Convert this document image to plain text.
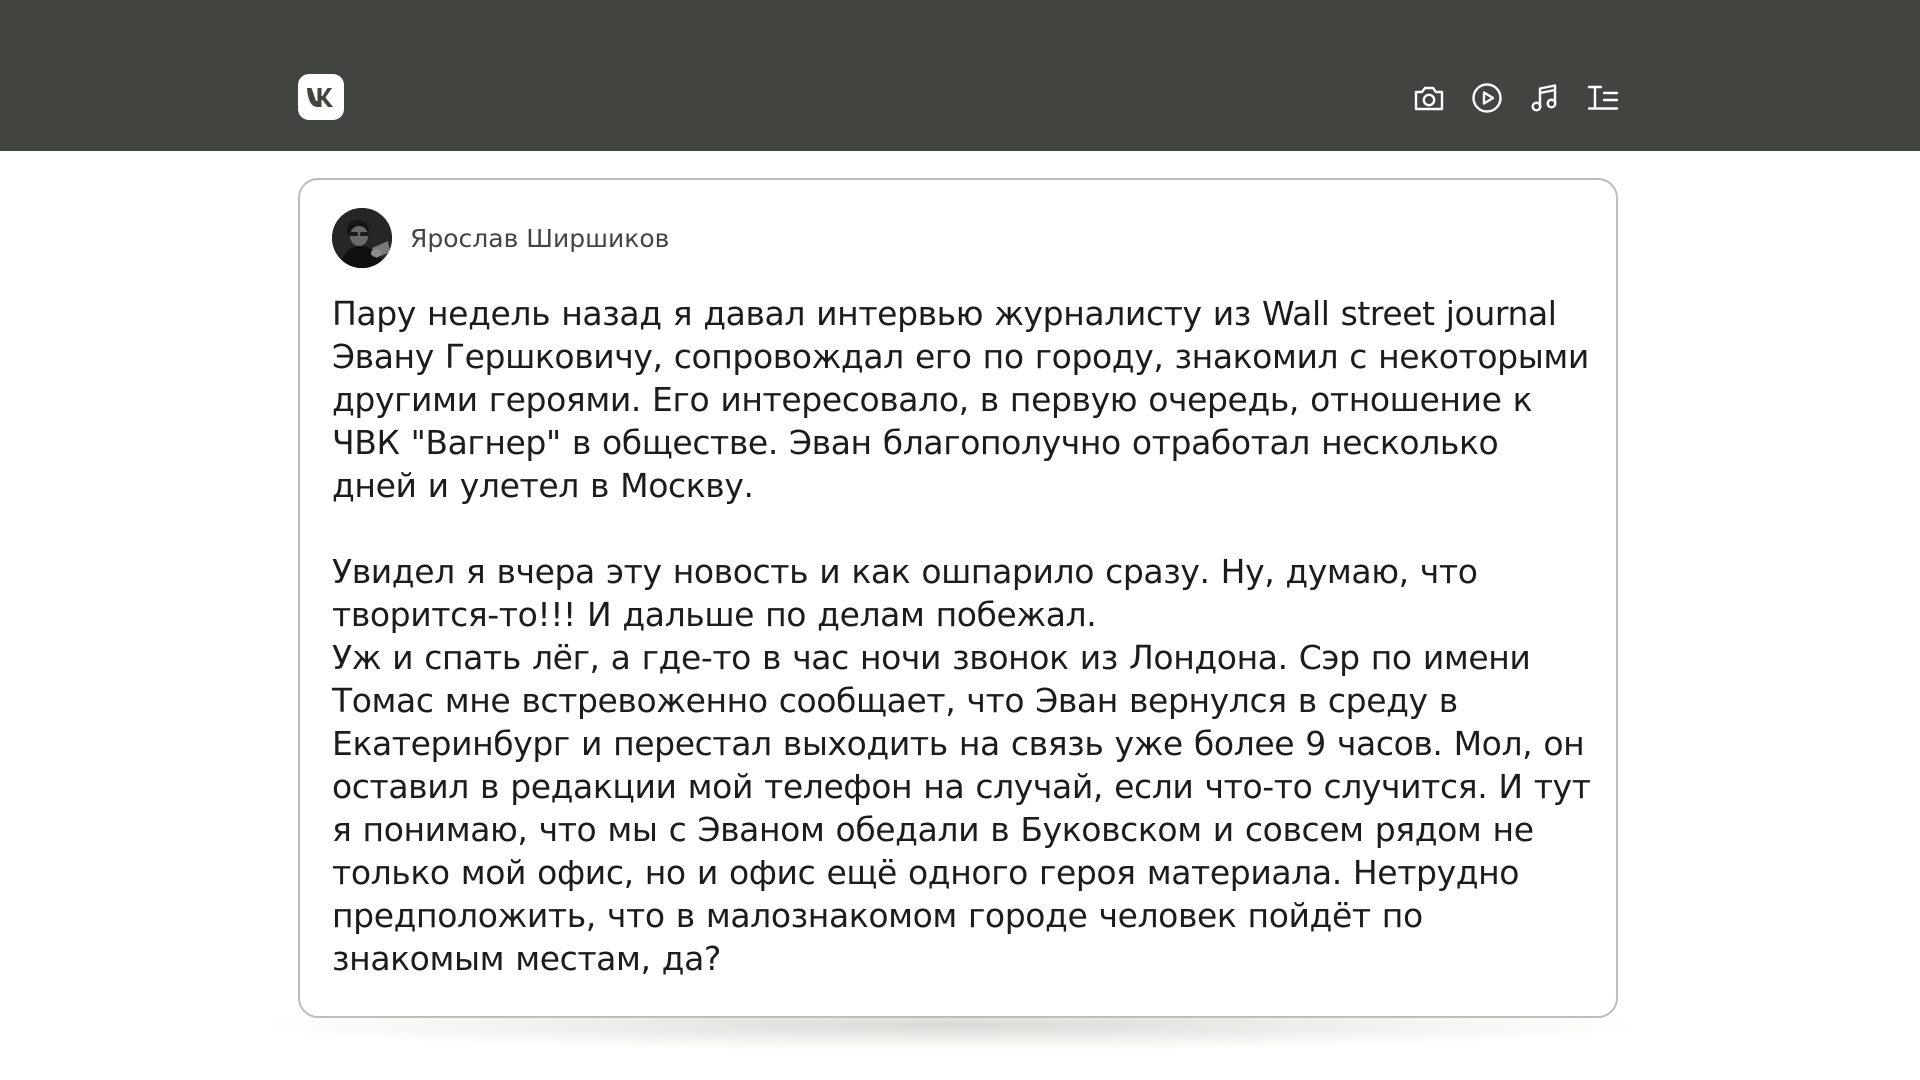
Ярослав Ширшиков
Пару недель назад я давал интервью журналисту из Wall street journal
Эвану Гершковичу, сопровождал его по городу, знакомил с некоторыми
другими героями. Его интересовало, в первую очередь, отношение к
ЧВК "Вагнер" в обществе. Эван благополучно отработал несколько
дней и улетел в Москву.
Увидел я вчера эту новость и как ошпарило сразу. Ну, думаю, что
творится-то!!! И дальше по делам побежал.
Уж и спать лёг, а где-то в час ночи звонок из Лондона. Сэр по имени
Томас мне встревоженно сообщает, что Эван вернулся в среду в
Екатеринбург и перестал выходить на связь уже более 9 часов. Мол, он
оставил в редакции мой телефон на случай, если что-то случится. И тут
я понимаю, что мы с Эваном обедали в Буковском и совсем рядом не
только мой офис, но и офис ещё одного героя материала. Нетрудно
предположить, что в малознакомом городе человек пойдёт по
знакомым местам, да?
